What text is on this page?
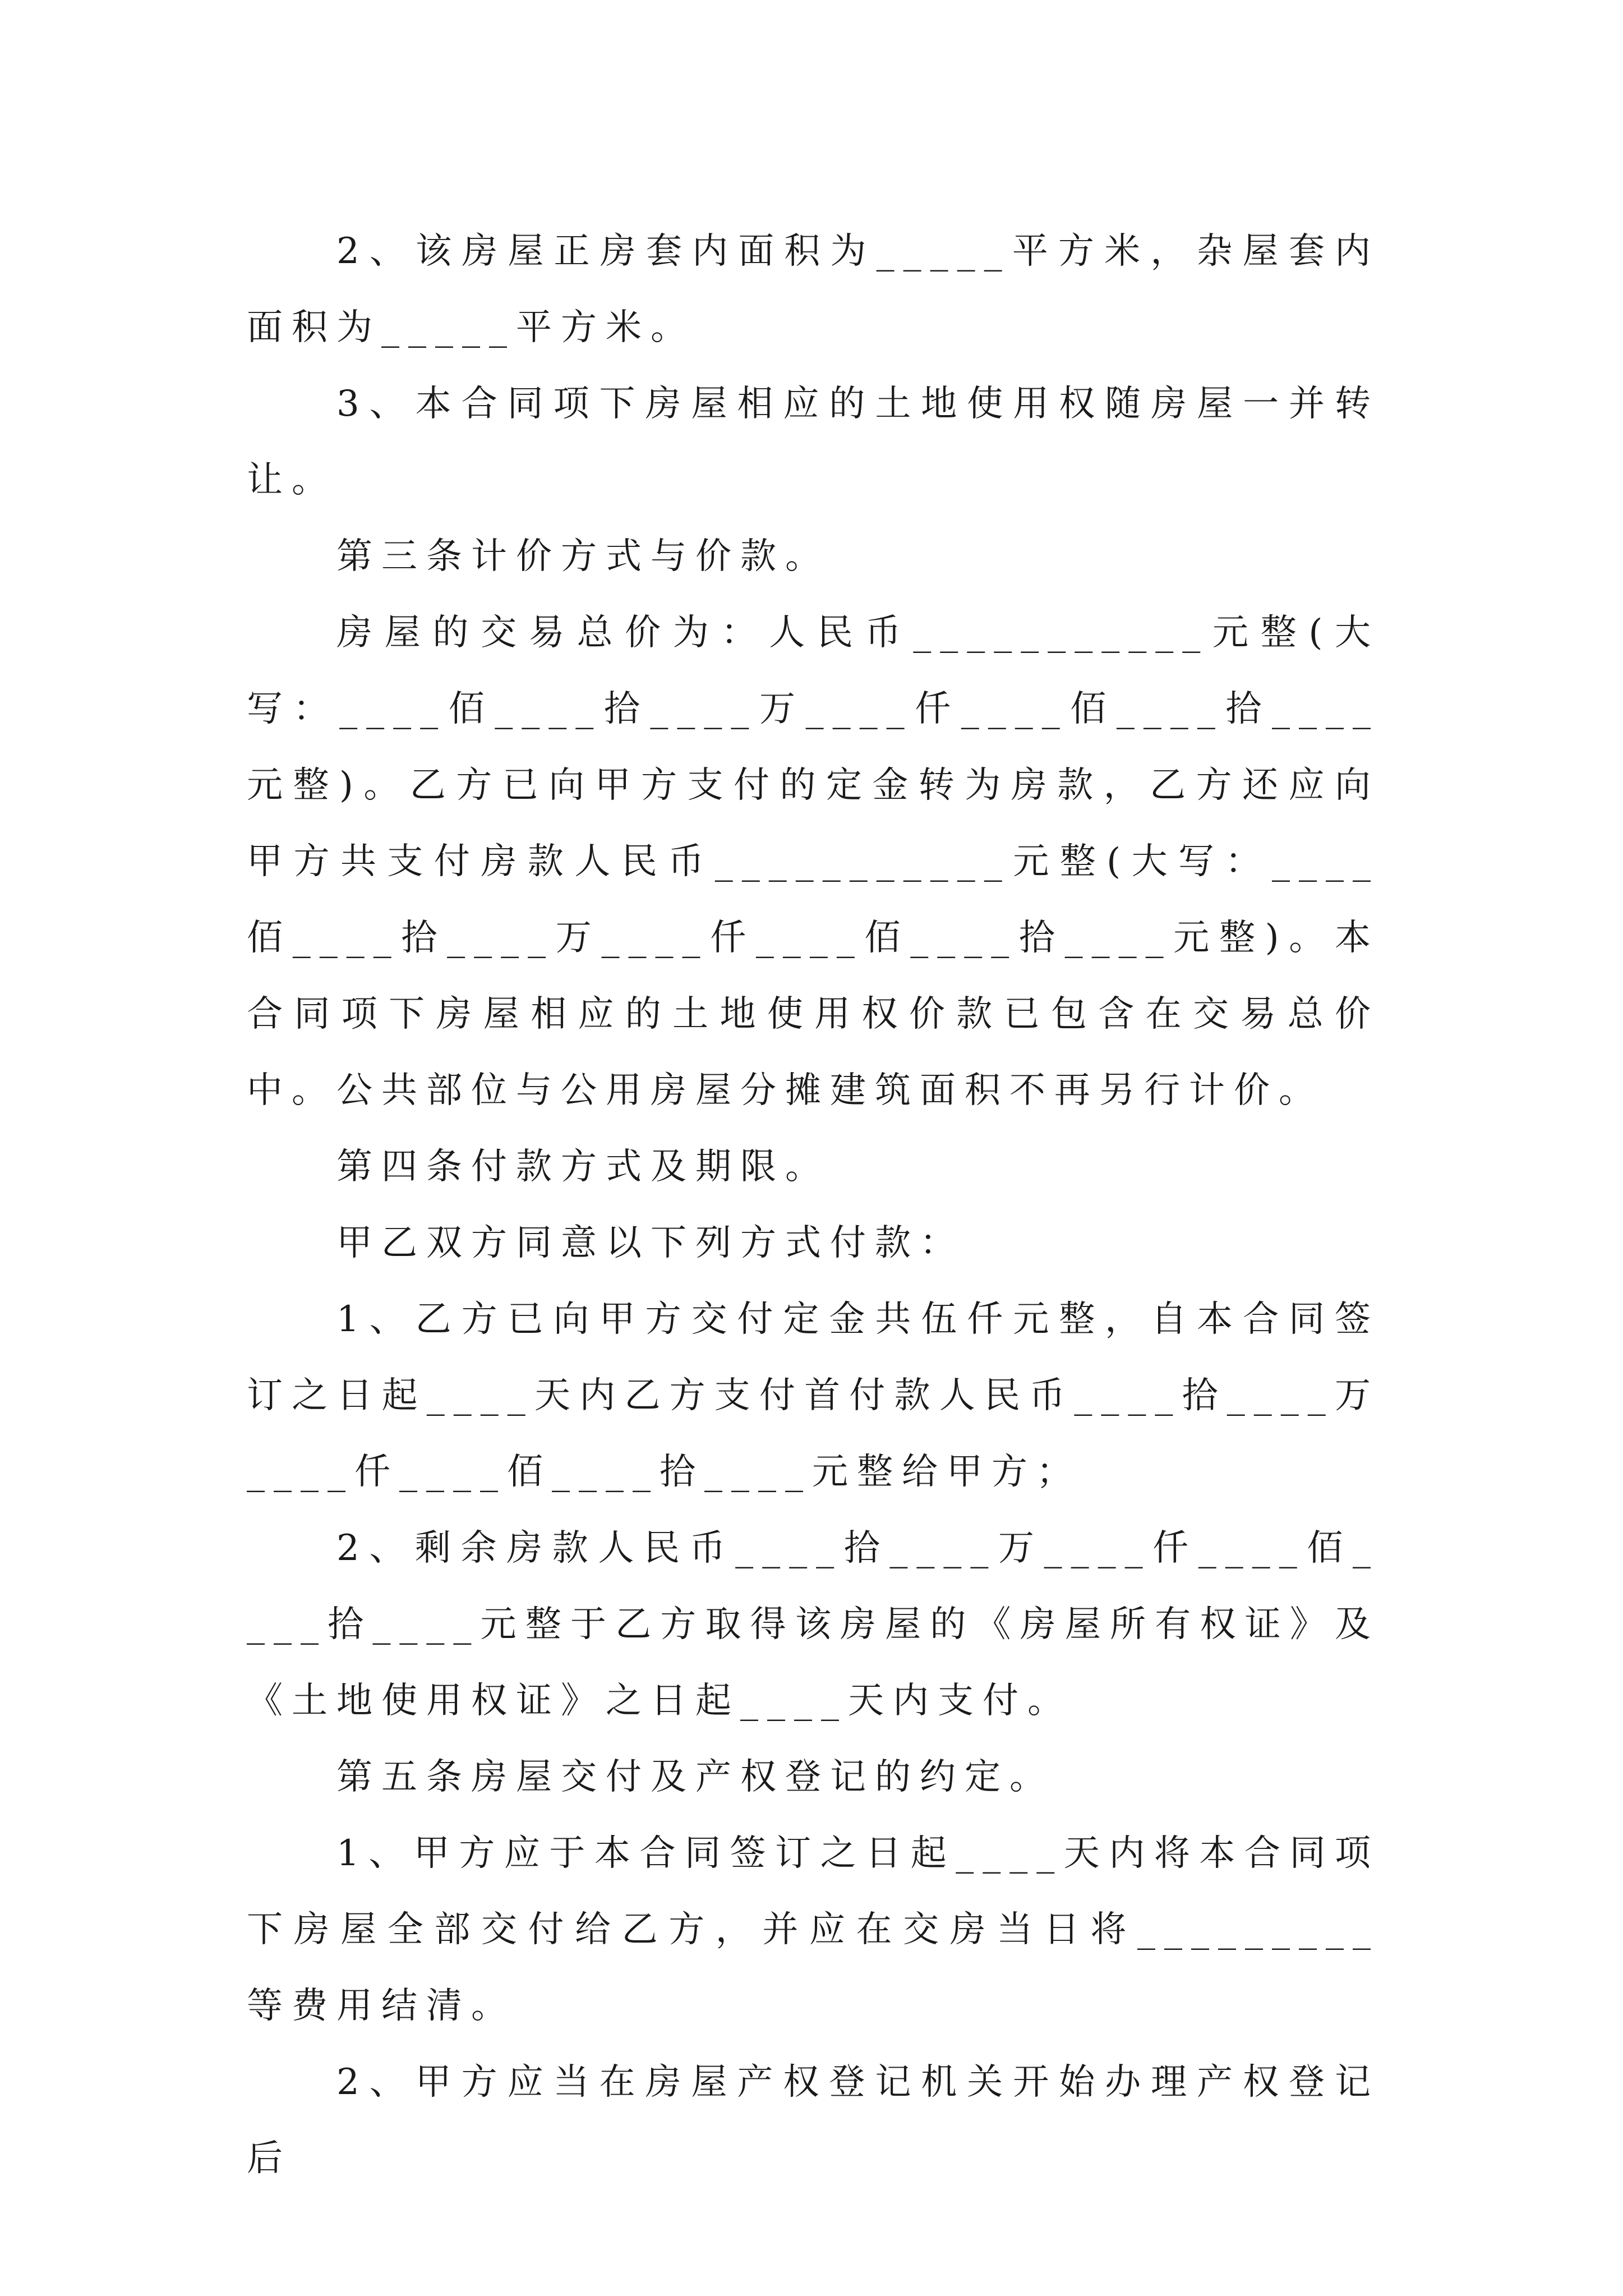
2、该房屋正房套内面积为_____平方米，杂屋套内面积为_____平方米。

3、本合同项下房屋相应的土地使用权随房屋一并转让。

第三条计价方式与价款。

房屋的交易总价为：人民币___________元整(大写：____佰____拾____万____仟____佰____拾____元整)。乙方已向甲方支付的定金转为房款，乙方还应向甲方共支付房款人民币___________元整(大写：____佰____拾____万____仟____佰____拾____元整)。本合同项下房屋相应的土地使用权价款已包含在交易总价中。公共部位与公用房屋分摊建筑面积不再另行计价。

第四条付款方式及期限。

甲乙双方同意以下列方式付款：

1、乙方已向甲方交付定金共伍仟元整，自本合同签订之日起____天内乙方支付首付款人民币____拾____万____仟____佰____拾____元整给甲方；

2、剩余房款人民币____拾____万____仟____佰____拾____元整于乙方取得该房屋的《房屋所有权证》及《土地使用权证》之日起____天内支付。

第五条房屋交付及产权登记的约定。

1、甲方应于本合同签订之日起____天内将本合同项下房屋全部交付给乙方，并应在交房当日将_________等费用结清。

2、甲方应当在房屋产权登记机关开始办理产权登记后
